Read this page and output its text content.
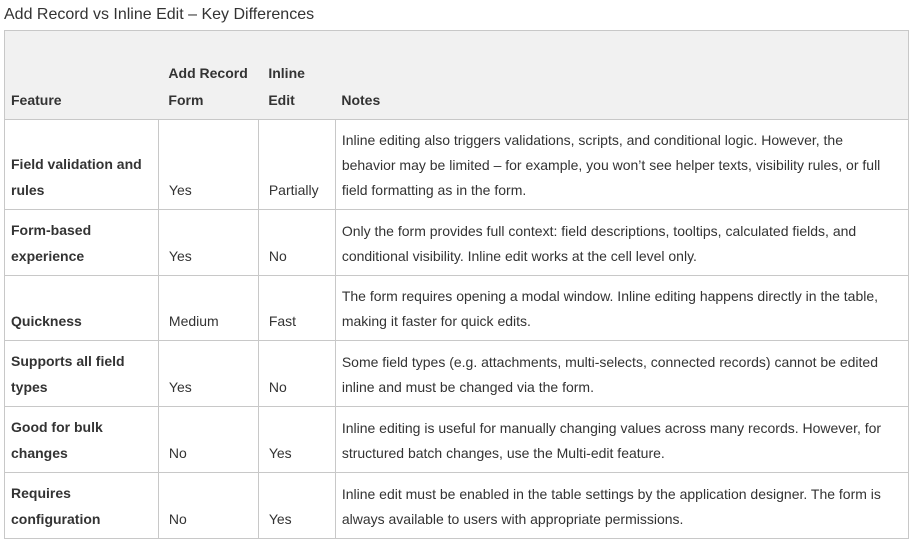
Add Record vs Inline Edit – Key Differences
Feature	Add Record Form	Inline Edit	Notes
Field validation and rules	Yes	Partially	Inline editing also triggers validations, scripts, and conditional logic. However, the behavior may be limited – for example, you won’t see helper texts, visibility rules, or full field formatting as in the form.
Form-based experience	Yes	No	Only the form provides full context: field descriptions, tooltips, calculated fields, and conditional visibility. Inline edit works at the cell level only.
Quickness	Medium	Fast	The form requires opening a modal window. Inline editing happens directly in the table, making it faster for quick edits.
Supports all field types	Yes	No	Some field types (e.g. attachments, multi-selects, connected records) cannot be edited inline and must be changed via the form.
Good for bulk changes	No	Yes	Inline editing is useful for manually changing values across many records. However, for structured batch changes, use the Multi-edit feature.
Requires configuration	No	Yes	Inline edit must be enabled in the table settings by the application designer. The form is always available to users with appropriate permissions.
